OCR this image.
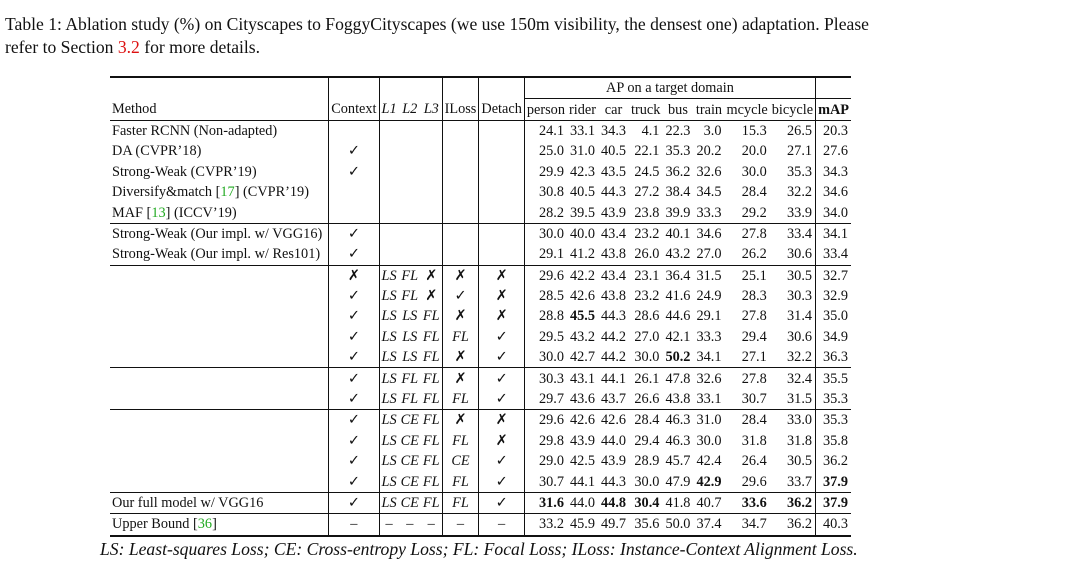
Table 1: Ablation study (%) on Cityscapes to FoggyCityscapes (we use 150m visibility, the densest one) adaptation. Please
refer to Section 3.2 for more details.
							AP on a target domain								
Method	Context	L1	L2	L3	ILoss	Detach	person	rider	car	truck	bus	train	mcycle	bicycle	mAP
Faster RCNN (Non-adapted)							24.1	33.1	34.3	4.1	22.3	3.0	15.3	26.5	20.3
DA (CVPR’18)	✓						25.0	31.0	40.5	22.1	35.3	20.2	20.0	27.1	27.6
Strong-Weak (CVPR’19)	✓						29.9	42.3	43.5	24.5	36.2	32.6	30.0	35.3	34.3
Diversify&match [17] (CVPR’19)							30.8	40.5	44.3	27.2	38.4	34.5	28.4	32.2	34.6
MAF [13] (ICCV’19)							28.2	39.5	43.9	23.8	39.9	33.3	29.2	33.9	34.0
Strong-Weak (Our impl. w/ VGG16)	✓						30.0	40.0	43.4	23.2	40.1	34.6	27.8	33.4	34.1
Strong-Weak (Our impl. w/ Res101)	✓						29.1	41.2	43.8	26.0	43.2	27.0	26.2	30.6	33.4
	✗	LS	FL	✗	✗	✗	29.6	42.2	43.4	23.1	36.4	31.5	25.1	30.5	32.7
	✓	LS	FL	✗	✓	✗	28.5	42.6	43.8	23.2	41.6	24.9	28.3	30.3	32.9
	✓	LS	LS	FL	✗	✗	28.8	45.5	44.3	28.6	44.6	29.1	27.8	31.4	35.0
	✓	LS	LS	FL	FL	✓	29.5	43.2	44.2	27.0	42.1	33.3	29.4	30.6	34.9
	✓	LS	LS	FL	✗	✓	30.0	42.7	44.2	30.0	50.2	34.1	27.1	32.2	36.3
	✓	LS	FL	FL	✗	✓	30.3	43.1	44.1	26.1	47.8	32.6	27.8	32.4	35.5
	✓	LS	FL	FL	FL	✓	29.7	43.6	43.7	26.6	43.8	33.1	30.7	31.5	35.3
	✓	LS	CE	FL	✗	✗	29.6	42.6	42.6	28.4	46.3	31.0	28.4	33.0	35.3
	✓	LS	CE	FL	FL	✗	29.8	43.9	44.0	29.4	46.3	30.0	31.8	31.8	35.8
	✓	LS	CE	FL	CE	✓	29.0	42.5	43.9	28.9	45.7	42.4	26.4	30.5	36.2
	✓	LS	CE	FL	FL	✓	30.7	44.1	44.3	30.0	47.9	42.9	29.6	33.7	37.9
Our full model w/ VGG16	✓	LS	CE	FL	FL	✓	31.6	44.0	44.8	30.4	41.8	40.7	33.6	36.2	37.9
Upper Bound [36]	–	–	–	–	–	–	33.2	45.9	49.7	35.6	50.0	37.4	34.7	36.2	40.3
LS: Least-squares Loss; CE: Cross-entropy Loss; FL: Focal Loss; ILoss: Instance-Context Alignment Loss.
